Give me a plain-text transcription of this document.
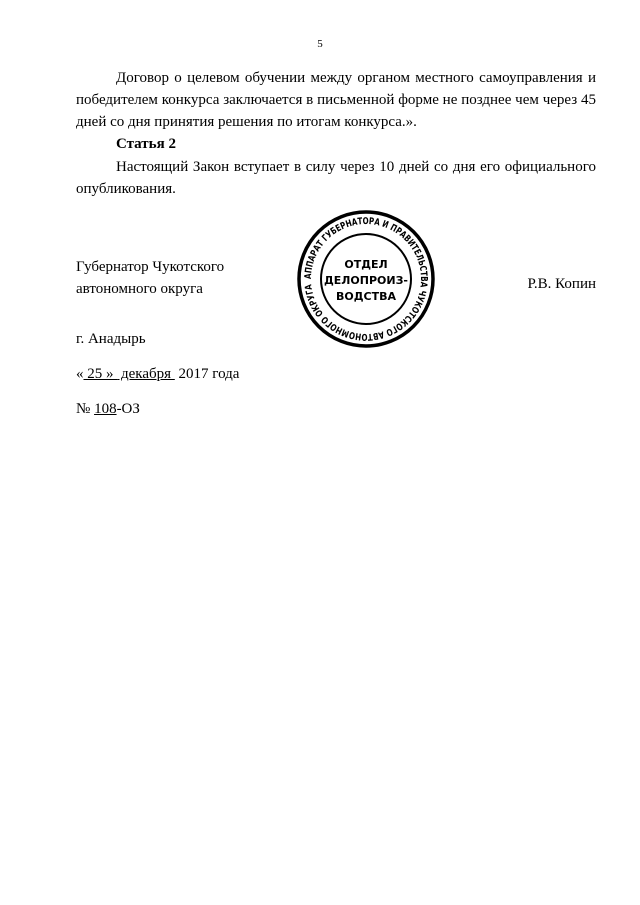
5

Договор о целевом обучении между органом местного самоуправления и победителем конкурса заключается в письменной форме не позднее чем через 45 дней со дня принятия решения по итогам конкурса.».

Статья 2

Настоящий Закон вступает в силу через 10 дней со дня его официального опубликования.

Губернатор Чукотского
автономного округа
АППАРАТ ГУБЕРНАТОРА И ПРАВИТЕЛЬСТВА ЧУКОТСКОГО АВТОНОМНОГО ОКРУГА
ОТДЕЛ
ДЕЛОПРОИЗ-
ВОДСТВА
Р.В. Копин
г. Анадырь
« 25 »  декабря  2017 года
№ 108-ОЗ
